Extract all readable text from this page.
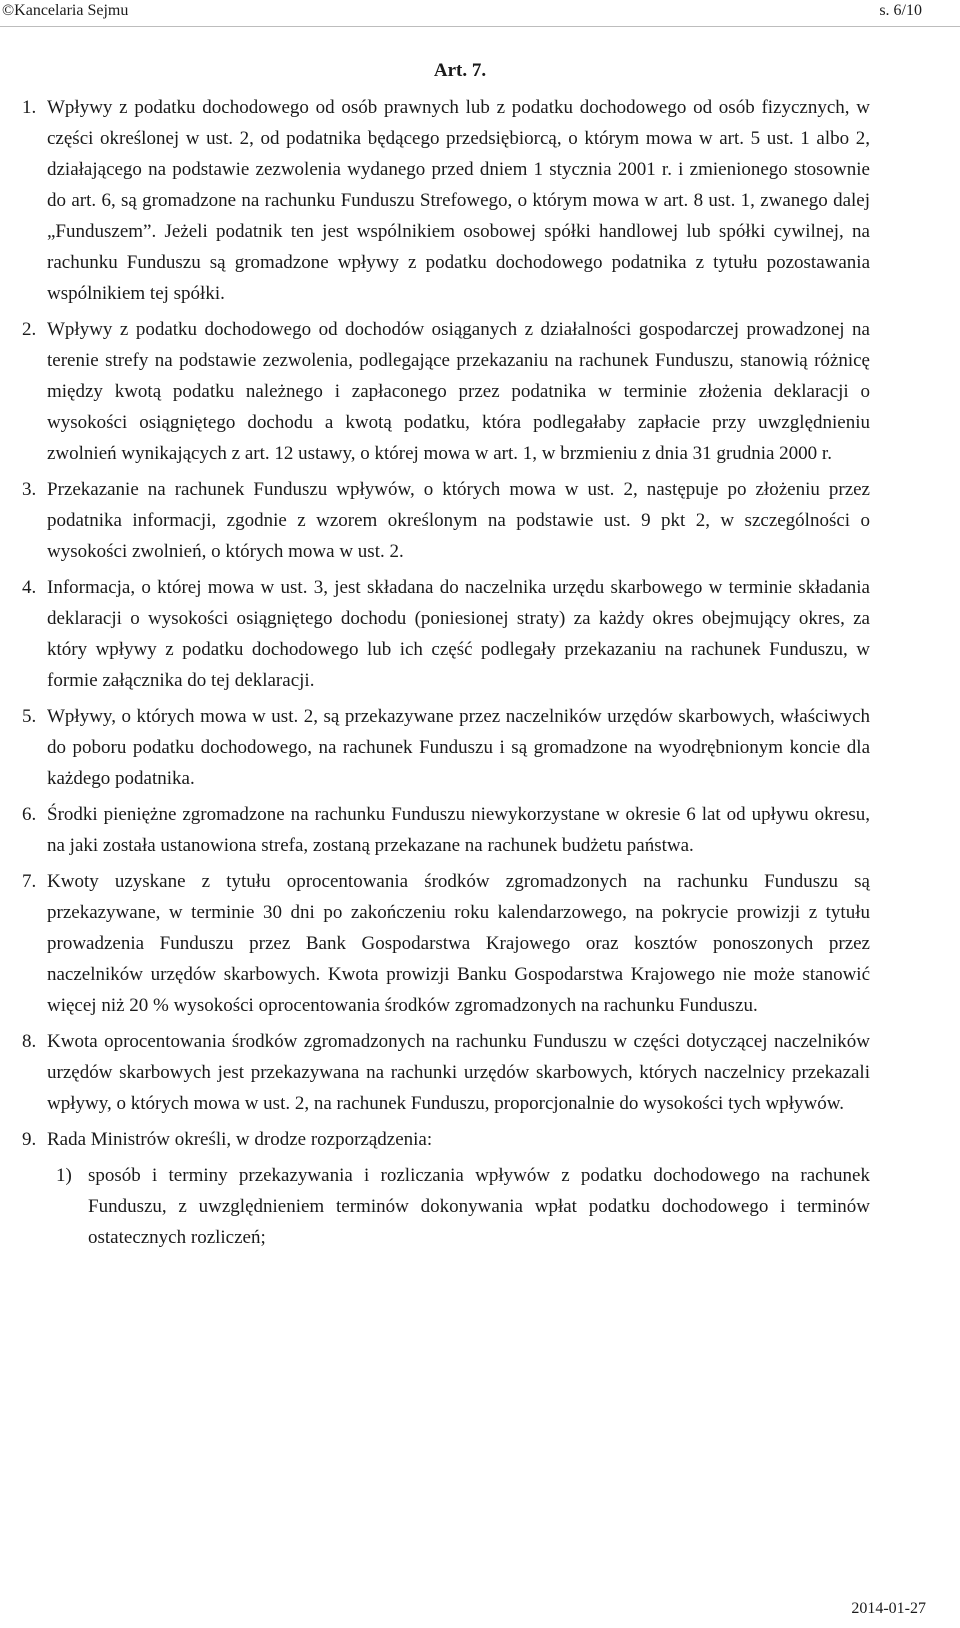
©Kancelaria Sejmu	s. 6/10
Art. 7.
1. Wpływy z podatku dochodowego od osób prawnych lub z podatku dochodowego od osób fizycznych, w części określonej w ust. 2, od podatnika będącego przedsiębiorcą, o którym mowa w art. 5 ust. 1 albo 2, działającego na podstawie zezwolenia wydanego przed dniem 1 stycznia 2001 r. i zmienionego stosownie do art. 6, są gromadzone na rachunku Funduszu Strefowego, o którym mowa w art. 8 ust. 1, zwanego dalej „Funduszem”. Jeżeli podatnik ten jest wspólnikiem osobowej spółki handlowej lub spółki cywilnej, na rachunku Funduszu są gromadzone wpływy z podatku dochodowego podatnika z tytułu pozostawania wspólnikiem tej spółki.
2. Wpływy z podatku dochodowego od dochodów osiąganych z działalności gospodarczej prowadzonej na terenie strefy na podstawie zezwolenia, podlegające przekazaniu na rachunek Funduszu, stanowią różnicę między kwotą podatku należnego i zapłaconego przez podatnika w terminie złożenia deklaracji o wysokości osiągniętego dochodu a kwotą podatku, która podlegałaby zapłacie przy uwzględnieniu zwolnień wynikających z art. 12 ustawy, o której mowa w art. 1, w brzmieniu z dnia 31 grudnia 2000 r.
3. Przekazanie na rachunek Funduszu wpływów, o których mowa w ust. 2, następuje po złożeniu przez podatnika informacji, zgodnie z wzorem określonym na podstawie ust. 9 pkt 2, w szczególności o wysokości zwolnień, o których mowa w ust. 2.
4. Informacja, o której mowa w ust. 3, jest składana do naczelnika urzędu skarbowego w terminie składania deklaracji o wysokości osiągniętego dochodu (poniesionej straty) za każdy okres obejmujący okres, za który wpływy z podatku dochodowego lub ich część podlegały przekazaniu na rachunek Funduszu, w formie załącznika do tej deklaracji.
5. Wpływy, o których mowa w ust. 2, są przekazywane przez naczelników urzędów skarbowych, właściwych do poboru podatku dochodowego, na rachunek Funduszu i są gromadzone na wyodrębnionym koncie dla każdego podatnika.
6. Środki pieniężne zgromadzone na rachunku Funduszu niewykorzystane w okresie 6 lat od upływu okresu, na jaki została ustanowiona strefa, zostaną przekazane na rachunek budżetu państwa.
7. Kwoty uzyskane z tytułu oprocentowania środków zgromadzonych na rachunku Funduszu są przekazywane, w terminie 30 dni po zakończeniu roku kalendarzowego, na pokrycie prowizji z tytułu prowadzenia Funduszu przez Bank Gospodarstwa Krajowego oraz kosztów ponoszonych przez naczelników urzędów skarbowych. Kwota prowizji Banku Gospodarstwa Krajowego nie może stanowić więcej niż 20 % wysokości oprocentowania środków zgromadzonych na rachunku Funduszu.
8. Kwota oprocentowania środków zgromadzonych na rachunku Funduszu w części dotyczącej naczelników urzędów skarbowych jest przekazywana na rachunki urzędów skarbowych, których naczelnicy przekazali wpływy, o których mowa w ust. 2, na rachunek Funduszu, proporcjonalnie do wysokości tych wpływów.
9. Rada Ministrów określi, w drodze rozporządzenia:
1) sposób i terminy przekazywania i rozliczania wpływów z podatku dochodowego na rachunek Funduszu, z uwzględnieniem terminów dokonywania wpłat podatku dochodowego i terminów ostatecznych rozliczeń;
2014-01-27
